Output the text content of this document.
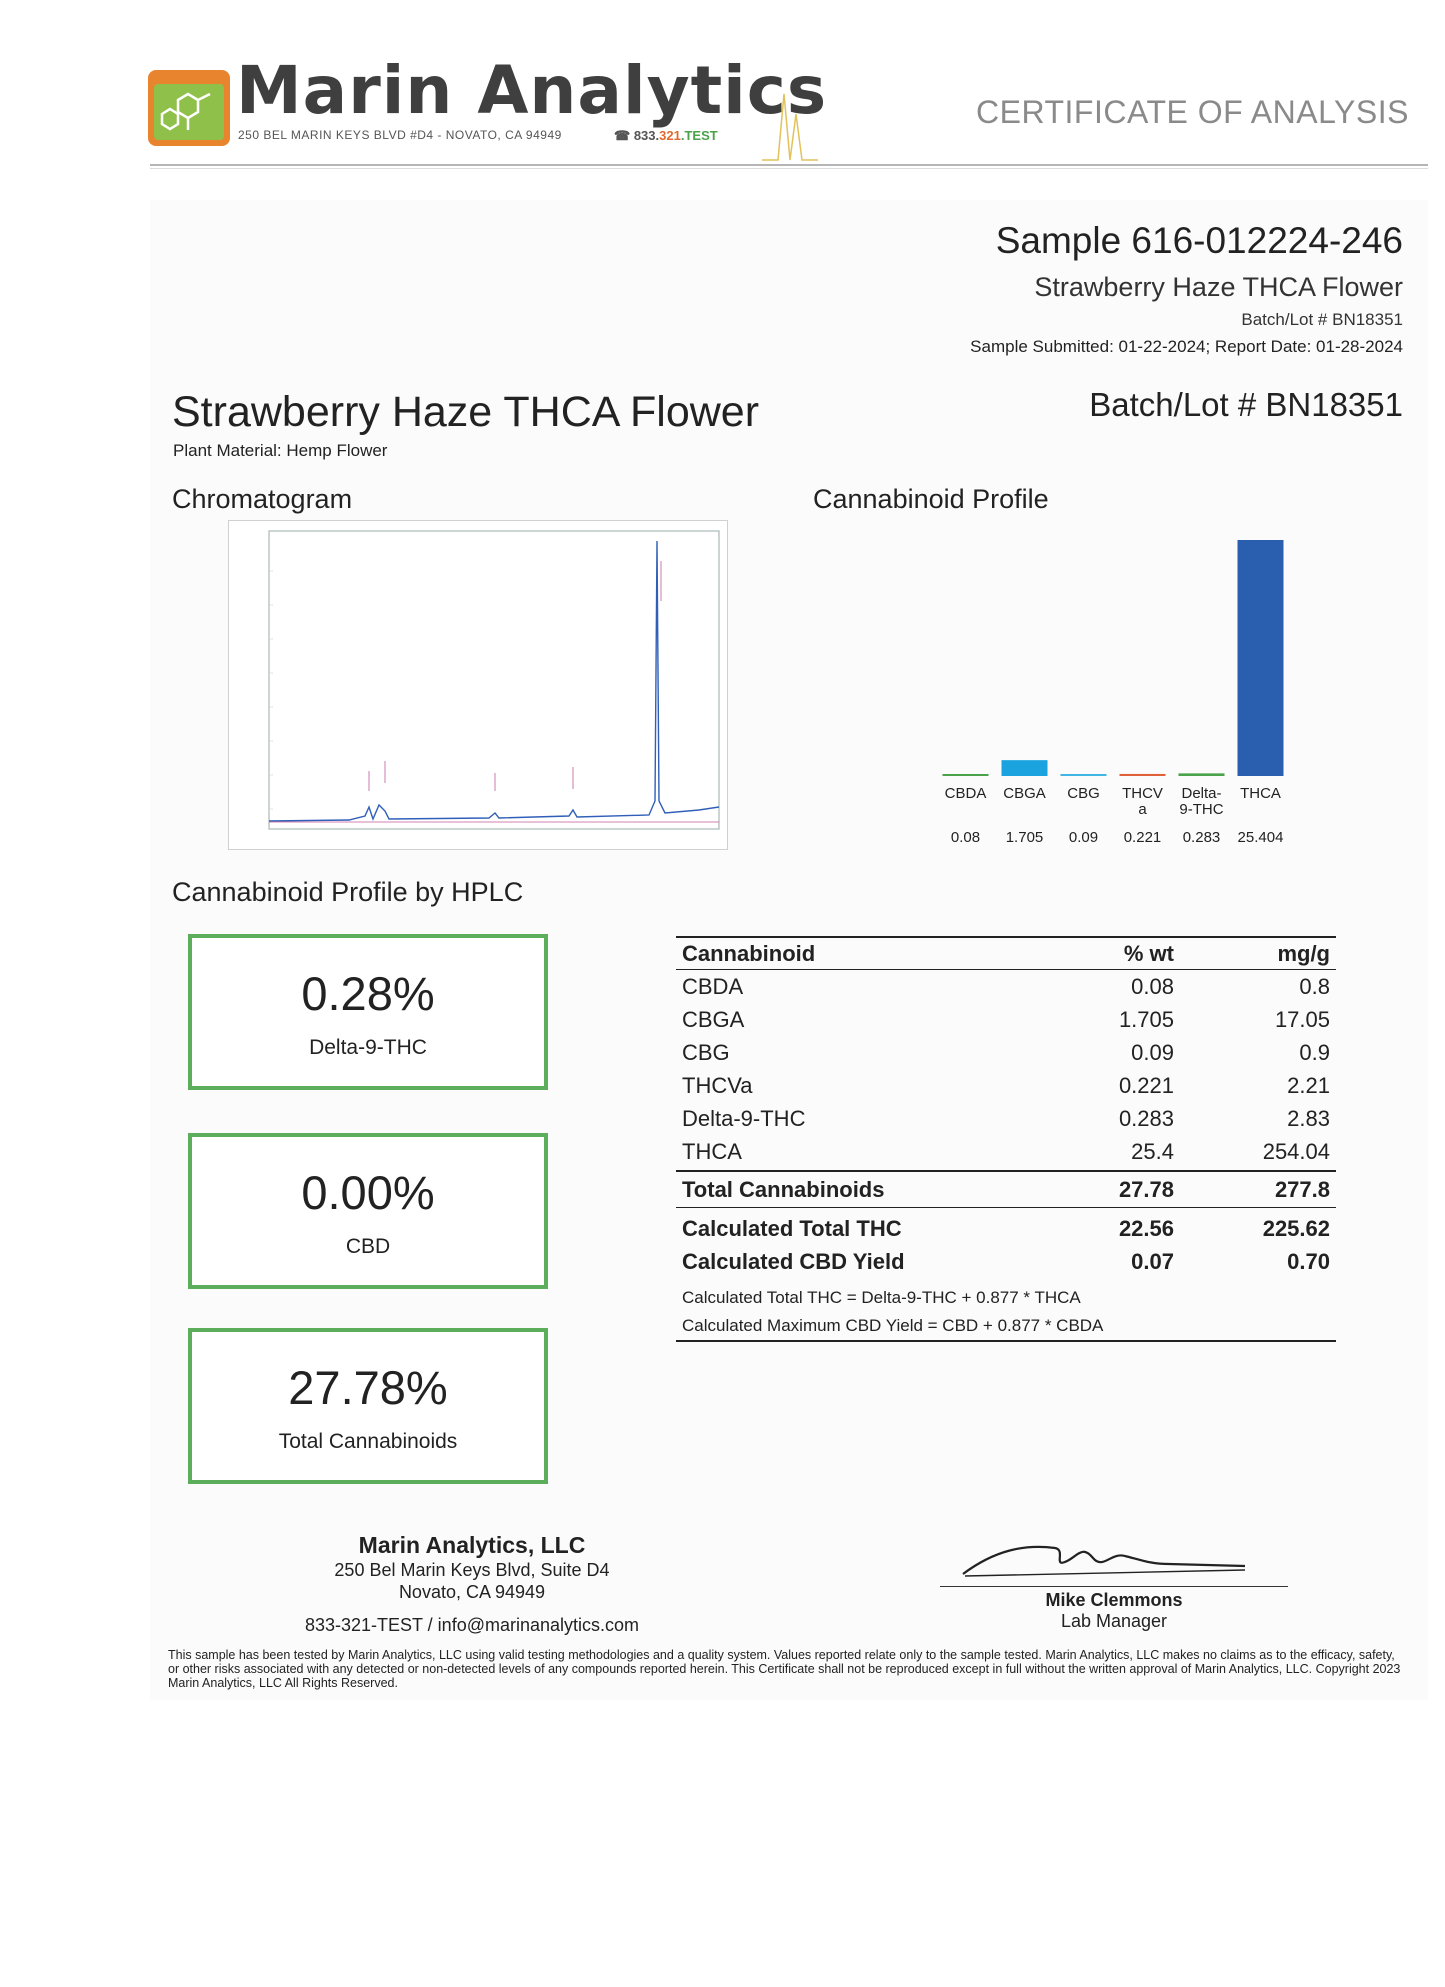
Marin Analytics
250 BEL MARIN KEYS BLVD #D4 - NOVATO, CA 94949	☎ 833.321.TEST
CERTIFICATE OF ANALYSIS
Sample 616-012224-246
Strawberry Haze THCA Flower
Batch/Lot # BN18351
Sample Submitted: 01-22-2024; Report Date: 01-28-2024
Strawberry Haze THCA Flower
Plant Material: Hemp Flower
Batch/Lot # BN18351
Chromatogram	Cannabinoid Profile
Cannabinoid Profile by HPLC
CBDA
0.08
CBGA
1.705
CBG
0.09
THCV a
0.221
Delta-9-THC
0.283
THCA
25.404
0.28%
Delta-9-THC
0.00%
CBD
27.78%
Total Cannabinoids
Cannabinoid	% wt	mg/g
CBDA	0.08	0.8
CBGA	1.705	17.05
CBG	0.09	0.9
THCVa	0.221	2.21
Delta-9-THC	0.283	2.83
THCA	25.4	254.04
Total Cannabinoids	27.78	277.8
Calculated Total THC	22.56	225.62
Calculated CBD Yield	0.07	0.70
Calculated Total THC = Delta-9-THC + 0.877 * THCA
Calculated Maximum CBD Yield = CBD + 0.877 * CBDA
Marin Analytics, LLC
250 Bel Marin Keys Blvd, Suite D4
Novato, CA 94949
833-321-TEST / info@marinanalytics.com
Mike Clemmons
Lab Manager
This sample has been tested by Marin Analytics, LLC using valid testing methodologies and a quality system. Values reported relate only to the sample tested. Marin Analytics, LLC makes no claims as to the efficacy, safety, or other risks associated with any detected or non-detected levels of any compounds reported herein. This Certificate shall not be reproduced except in full without the written approval of Marin Analytics, LLC. Copyright 2023 Marin Analytics, LLC All Rights Reserved.
